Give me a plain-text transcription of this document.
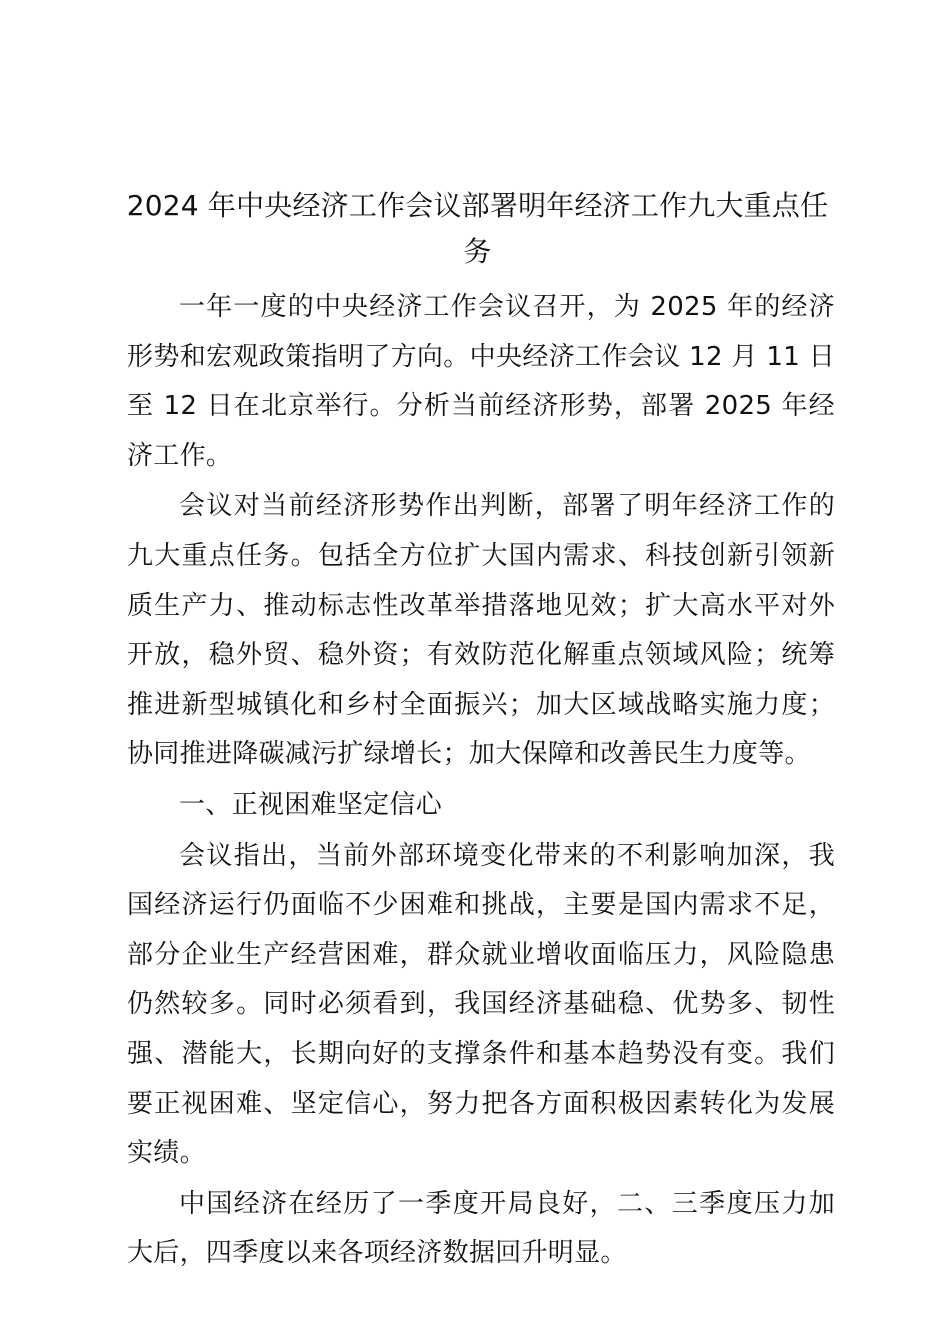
2024 年中央经济工作会议部署明年经济工作九大重点任务

一年一度的中央经济工作会议召开，为 2025 年的经济形势和宏观政策指明了方向。中央经济工作会议 12 月 11 日至 12 日在北京举行。分析当前经济形势，部署 2025 年经济工作。

会议对当前经济形势作出判断，部署了明年经济工作的九大重点任务。包括全方位扩大国内需求、科技创新引领新质生产力、推动标志性改革举措落地见效；扩大高水平对外开放，稳外贸、稳外资；有效防范化解重点领域风险；统筹推进新型城镇化和乡村全面振兴；加大区域战略实施力度；协同推进降碳减污扩绿增长；加大保障和改善民生力度等。

一、正视困难坚定信心

会议指出，当前外部环境变化带来的不利影响加深，我国经济运行仍面临不少困难和挑战，主要是国内需求不足，部分企业生产经营困难，群众就业增收面临压力，风险隐患仍然较多。同时必须看到，我国经济基础稳、优势多、韧性强、潜能大，长期向好的支撑条件和基本趋势没有变。我们要正视困难、坚定信心，努力把各方面积极因素转化为发展实绩。

中国经济在经历了一季度开局良好，二、三季度压力加大后，四季度以来各项经济数据回升明显。
